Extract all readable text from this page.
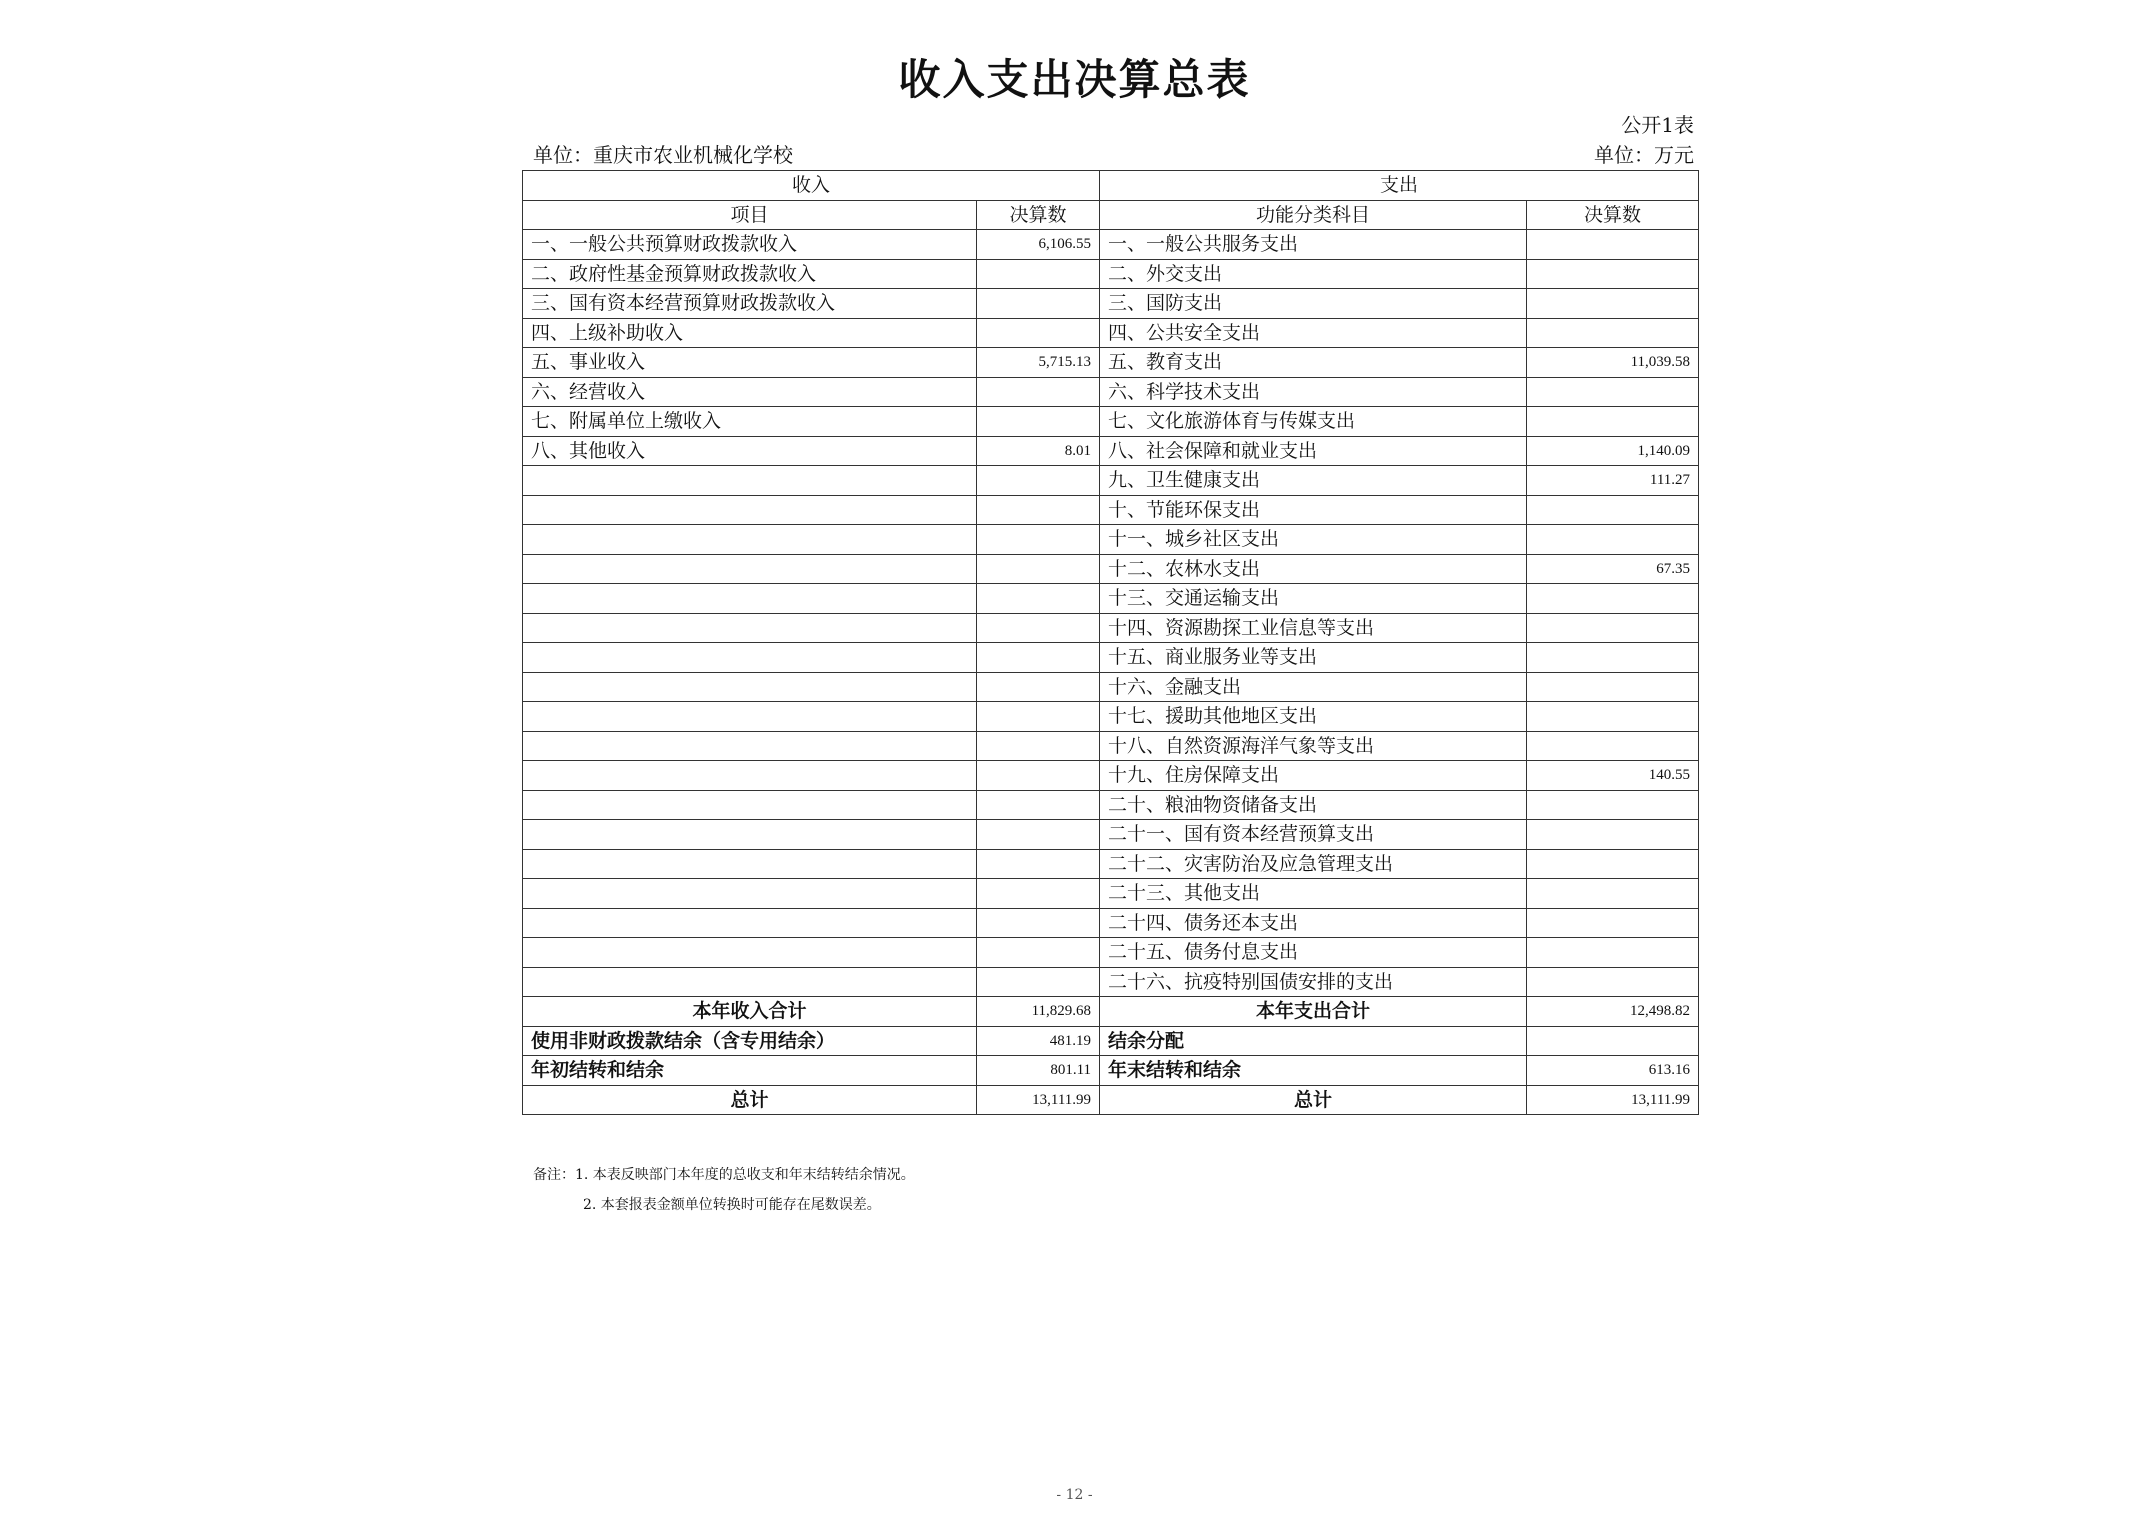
收入支出决算总表
公开1表
单位：重庆市农业机械化学校	单位：万元
收入		支出	
项目	决算数	功能分类科目	决算数
一、一般公共预算财政拨款收入	6,106.55	一、一般公共服务支出	
二、政府性基金预算财政拨款收入		二、外交支出	
三、国有资本经营预算财政拨款收入		三、国防支出	
四、上级补助收入		四、公共安全支出	
五、事业收入	5,715.13	五、教育支出	11,039.58
六、经营收入		六、科学技术支出	
七、附属单位上缴收入		七、文化旅游体育与传媒支出	
八、其他收入	8.01	八、社会保障和就业支出	1,140.09
		九、卫生健康支出	111.27
		十、节能环保支出	
		十一、城乡社区支出	
		十二、农林水支出	67.35
		十三、交通运输支出	
		十四、资源勘探工业信息等支出	
		十五、商业服务业等支出	
		十六、金融支出	
		十七、援助其他地区支出	
		十八、自然资源海洋气象等支出	
		十九、住房保障支出	140.55
		二十、粮油物资储备支出	
		二十一、国有资本经营预算支出	
		二十二、灾害防治及应急管理支出	
		二十三、其他支出	
		二十四、债务还本支出	
		二十五、债务付息支出	
		二十六、抗疫特别国债安排的支出	
本年收入合计	11,829.68	本年支出合计	12,498.82
使用非财政拨款结余（含专用结余）	481.19	结余分配	
年初结转和结余	801.11	年末结转和结余	613.16
总计	13,111.99	总计	13,111.99
备注：1. 本表反映部门本年度的总收支和年末结转结余情况。
2. 本套报表金额单位转换时可能存在尾数误差。
- 12 -
